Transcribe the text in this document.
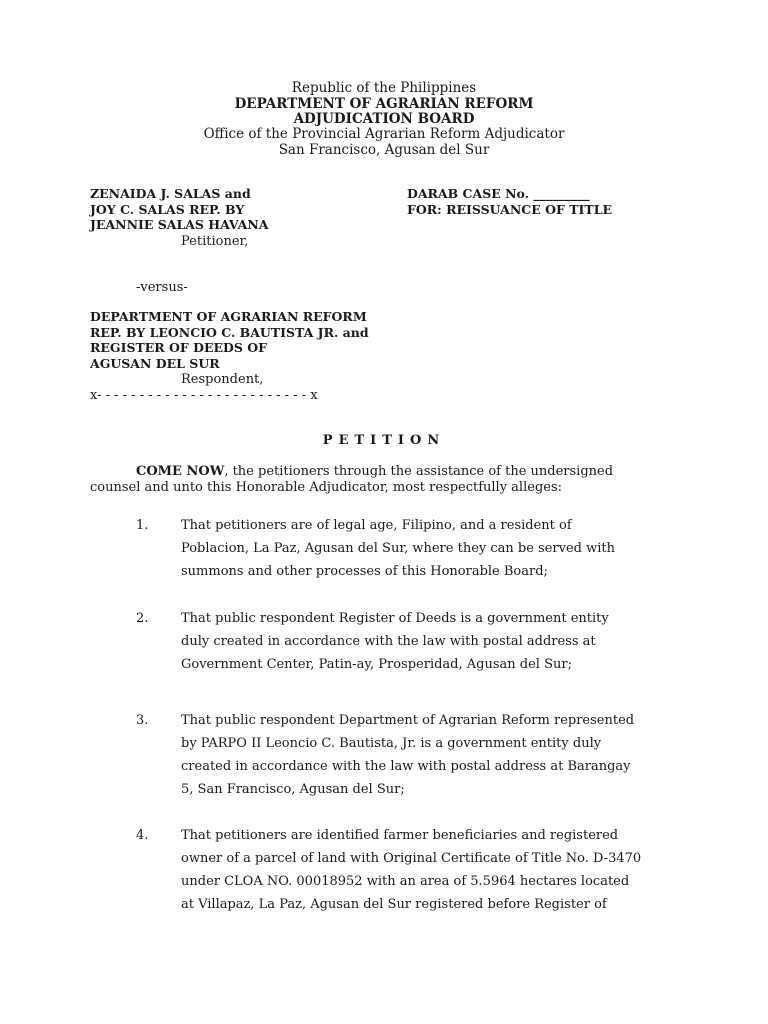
Republic of the Philippines
DEPARTMENT OF AGRARIAN REFORM
ADJUDICATION BOARD
Office of the Provincial Agrarian Reform Adjudicator
San Francisco, Agusan del Sur
ZENAIDA J. SALAS and
JOY C. SALAS REP. BY
JEANNIE SALAS HAVANA
Petitioner,
DARAB CASE No. _________
FOR: REISSUANCE OF TITLE
-versus-
DEPARTMENT OF AGRARIAN REFORM
REP. BY LEONCIO C. BAUTISTA JR. and
REGISTER OF DEEDS OF
AGUSAN DEL SUR
Respondent,
x- - - - - - - - - - - - - - - - - - - - - - - - - x
PETITION
COME NOW, the petitioners through the assistance of the undersigned
counsel and unto this Honorable Adjudicator, most respectfully alleges:
1.	That petitioners are of legal age, Filipino, and a resident of
Poblacion, La Paz, Agusan del Sur, where they can be served with
summons and other processes of this Honorable Board;
2.	That public respondent Register of Deeds is a government entity
duly created in accordance with the law with postal address at
Government Center, Patin-ay, Prosperidad, Agusan del Sur;
3.	That public respondent Department of Agrarian Reform represented
by PARPO II Leoncio C. Bautista, Jr. is a government entity duly
created in accordance with the law with postal address at Barangay
5, San Francisco, Agusan del Sur;
4.	That petitioners are identified farmer beneficiaries and registered
owner of a parcel of land with Original Certificate of Title No. D-3470
under CLOA NO. 00018952 with an area of 5.5964 hectares located
at Villapaz, La Paz, Agusan del Sur registered before Register of
